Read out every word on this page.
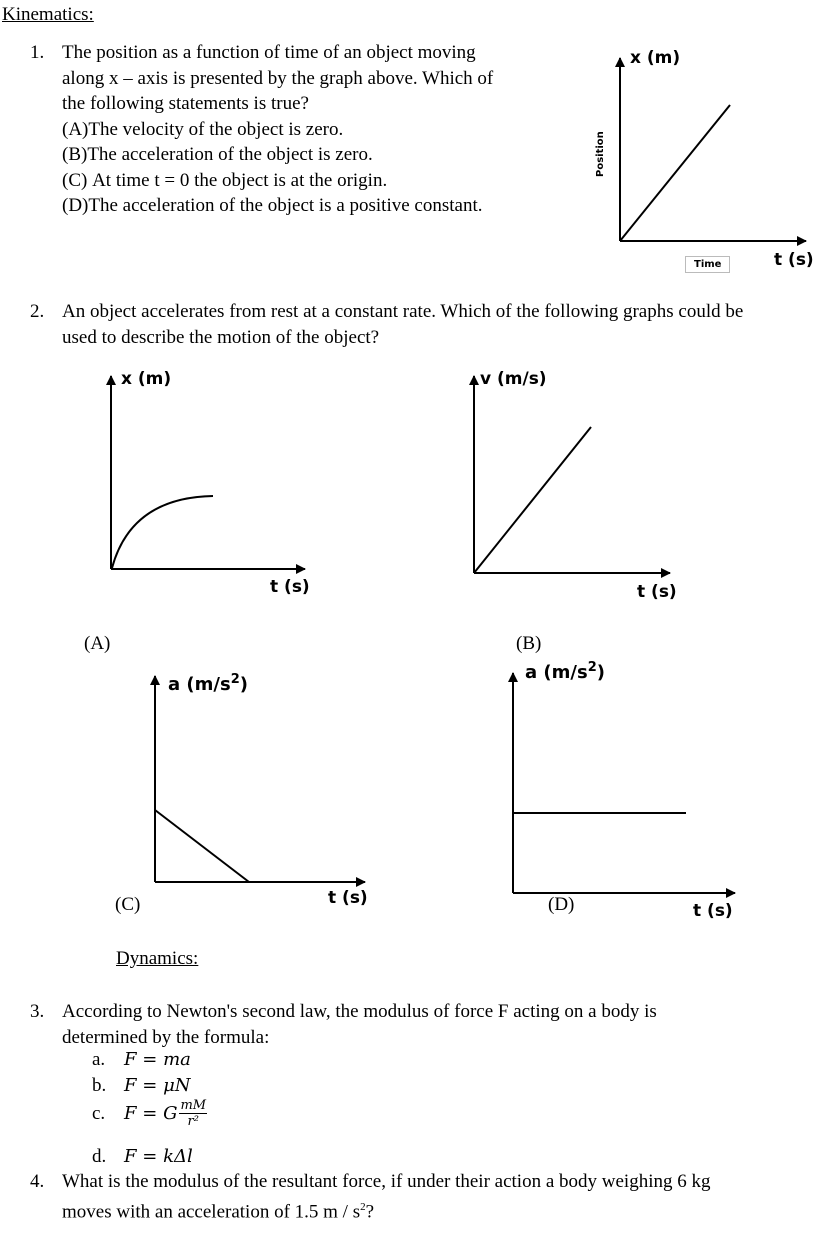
Kinematics:
1. The position as a function of time of an object moving
along x – axis is presented by the graph above. Which of
the following statements is true?
(A)The velocity of the object is zero.
(B)The acceleration of the object is zero.
(C) At time t = 0 the object is at the origin.
(D)The acceleration of the object is a positive constant.
x (m)
t (s)
Position
Time
2. An object accelerates from rest at a constant rate. Which of the following graphs could be
used to describe the motion of the object?
x (m)
t (s)
(A)
v (m/s)
t (s)
(B)
a $(m/s^2)$
t (s)
(C)
a $(m/s^2)$
t (s)
(D)
Dynamics:
3. According to Newton's second law, the modulus of force F acting on a body is
determined by the formula:
a. F = ma
b. F = μN
c. F = G $\frac{mM}{\text{r²}}$
d. F = kΔl
4. What is the modulus of the resultant force, if under their action a body weighing 6 kg
moves with an acceleration of 1.5 m / $s^2$?
